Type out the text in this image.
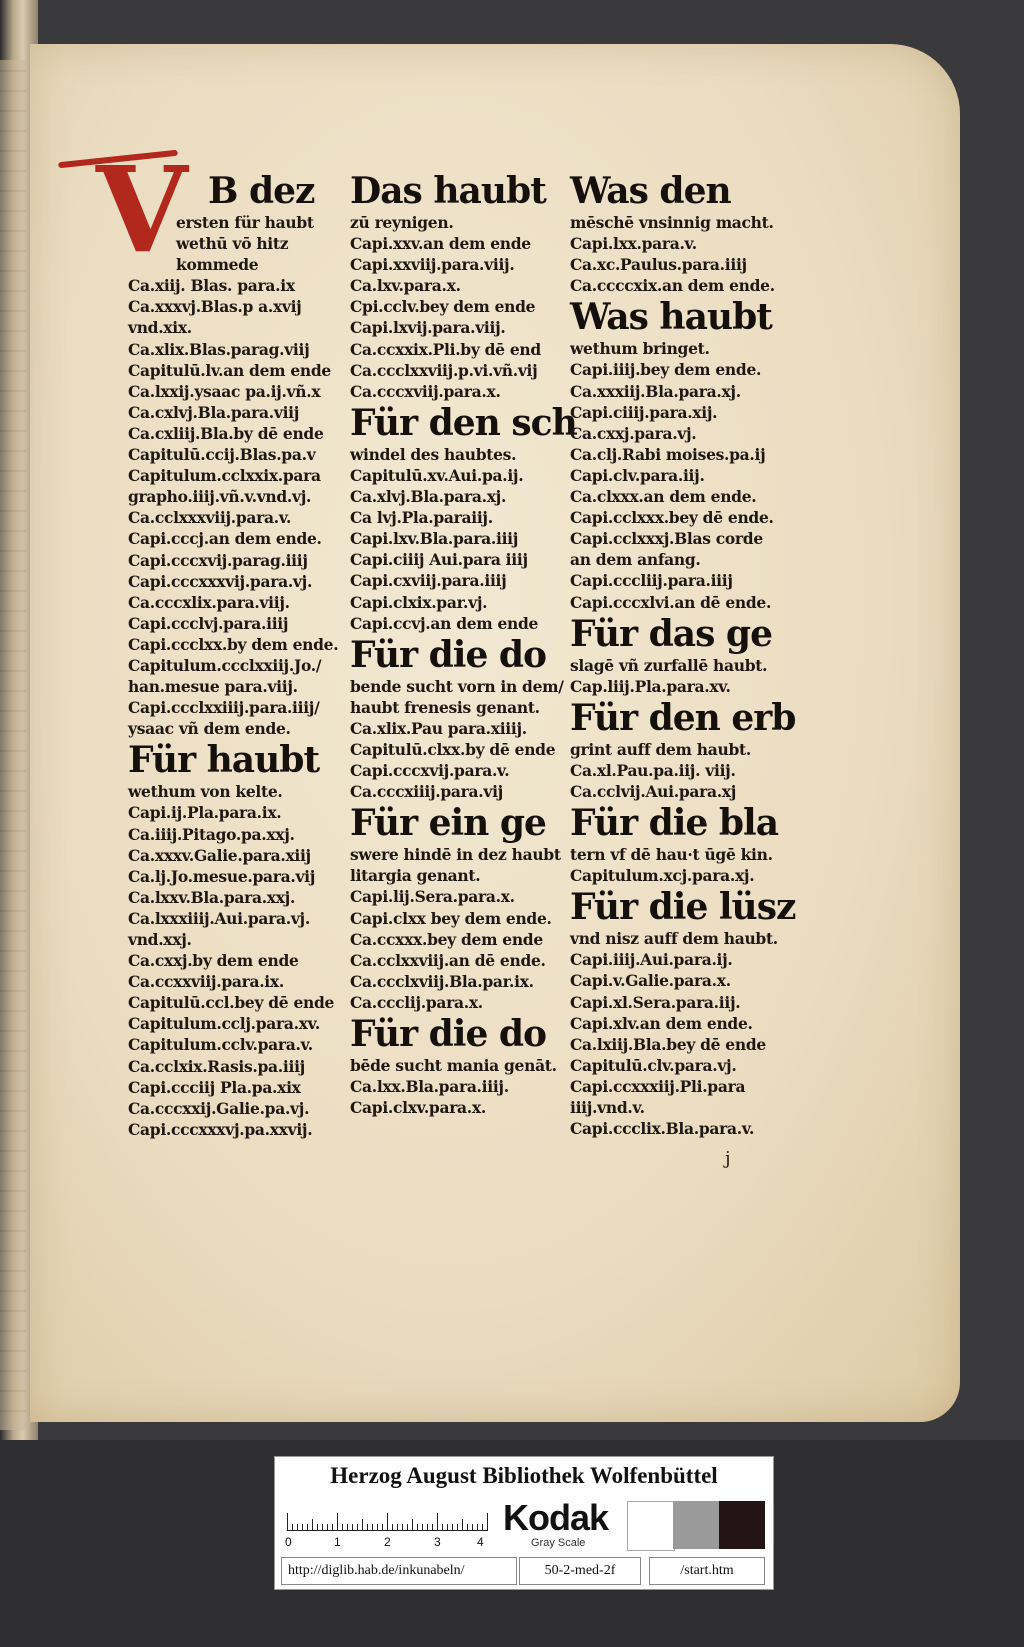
V B dez
ersten für haubt
wethū vō hitz
kommede
Ca.xiij. Blas. para.ix
Ca.xxxvj.Blas.p a.xvij
vnd.xix.
Ca.xlix.Blas.parag.viij
Capitulū.lv.an dem ende
Ca.lxxij.ysaac pa.ij.vñ.x
Ca.cxlvj.Bla.para.viij
Ca.cxliij.Bla.by dē ende
Capitulū.ccij.Blas.pa.v
Capitulum.cclxxix.para
grapho.iiij.vñ.v.vnd.vj.
Ca.cclxxxviij.para.v.
Capi.cccj.an dem ende.
Capi.cccxvij.parag.iiij
Capi.cccxxxvij.para.vj.
Ca.cccxlix.para.viij.
Capi.ccclvj.para.iiij
Capi.ccclxx.by dem ende.
Capitulum.ccclxxiij.Jo./
han.mesue para.viij.
Capi.ccclxxiiij.para.iiij/
ysaac vñ dem ende.
Für haubt
wethum von kelte.
Capi.ij.Pla.para.ix.
Ca.iiij.Pitago.pa.xxj.
Ca.xxxv.Galie.para.xiij
Ca.lj.Jo.mesue.para.vij
Ca.lxxv.Bla.para.xxj.
Ca.lxxxiiij.Aui.para.vj.
vnd.xxj.
Ca.cxxj.by dem ende
Ca.ccxxviij.para.ix.
Capitulū.ccl.bey dē ende
Capitulum.cclj.para.xv.
Capitulum.cclv.para.v.
Ca.cclxix.Rasis.pa.iiij
Capi.ccciij Pla.pa.xix
Ca.cccxxij.Galie.pa.vj.
Capi.cccxxxvj.pa.xxvij.
Das haubt
zū reynigen.
Capi.xxv.an dem ende
Capi.xxviij.para.viij.
Ca.lxv.para.x.
Cpi.cclv.bey dem ende
Capi.lxvij.para.viij.
Ca.ccxxix.Pli.by dē end
Ca.ccclxxviij.p.vi.vñ.vij
Ca.cccxviij.para.x.
Für den sch
windel des haubtes.
Capitulū.xv.Aui.pa.ij.
Ca.xlvj.Bla.para.xj.
Ca lvj.Pla.paraiij.
Capi.lxv.Bla.para.iiij
Capi.ciiij Aui.para iiij
Capi.cxviij.para.iiij
Capi.clxix.par.vj.
Capi.ccvj.an dem ende
Für die do
bende sucht vorn in dem/
haubt frenesis genant.
Ca.xlix.Pau para.xiiij.
Capitulū.clxx.by dē ende
Capi.cccxvij.para.v.
Ca.cccxiiij.para.vij
Für ein ge
swere hindē in dez haubt
litargia genant.
Capi.lij.Sera.para.x.
Capi.clxx bey dem ende.
Ca.ccxxx.bey dem ende
Ca.cclxxviij.an dē ende.
Ca.ccclxviij.Bla.par.ix.
Ca.ccclij.para.x.
Für die do
bēde sucht mania genāt.
Ca.lxx.Bla.para.iiij.
Capi.clxv.para.x.
Was den
mēschē vnsinnig macht.
Capi.lxx.para.v.
Ca.xc.Paulus.para.iiij
Ca.ccccxix.an dem ende.
Was haubt
wethum bringet.
Capi.iiij.bey dem ende.
Ca.xxxiij.Bla.para.xj.
Capi.ciiij.para.xij.
Ca.cxxj.para.vj.
Ca.clj.Rabi moises.pa.ij
Capi.clv.para.iij.
Ca.clxxx.an dem ende.
Capi.cclxxx.bey dē ende.
Capi.cclxxxj.Blas corde
an dem anfang.
Capi.cccliij.para.iiij
Capi.cccxlvi.an dē ende.
Für das ge
slagē vñ zurfallē haubt.
Cap.liij.Pla.para.xv.
Für den erb
grint auff dem haubt.
Ca.xl.Pau.pa.iij. viij.
Ca.cclvij.Aui.para.xj
Für die bla
tern vf dē hau·t ūgē kin.
Capitulum.xcj.para.xj.
Für die lüsz
vnd nisz auff dem haubt.
Capi.iiij.Aui.para.ij.
Capi.v.Galie.para.x.
Capi.xl.Sera.para.iij.
Capi.xlv.an dem ende.
Ca.lxiij.Bla.bey dē ende
Capitulū.clv.para.vj.
Capi.ccxxxiij.Pli.para
iiij.vnd.v.
Capi.ccclix.Bla.para.v.
j
Herzog August Bibliothek Wolfenbüttel
0	1	2	3	4
Kodak
Gray Scale
http://diglib.hab.de/inkunabeln/	50-2-med-2f	/start.htm
